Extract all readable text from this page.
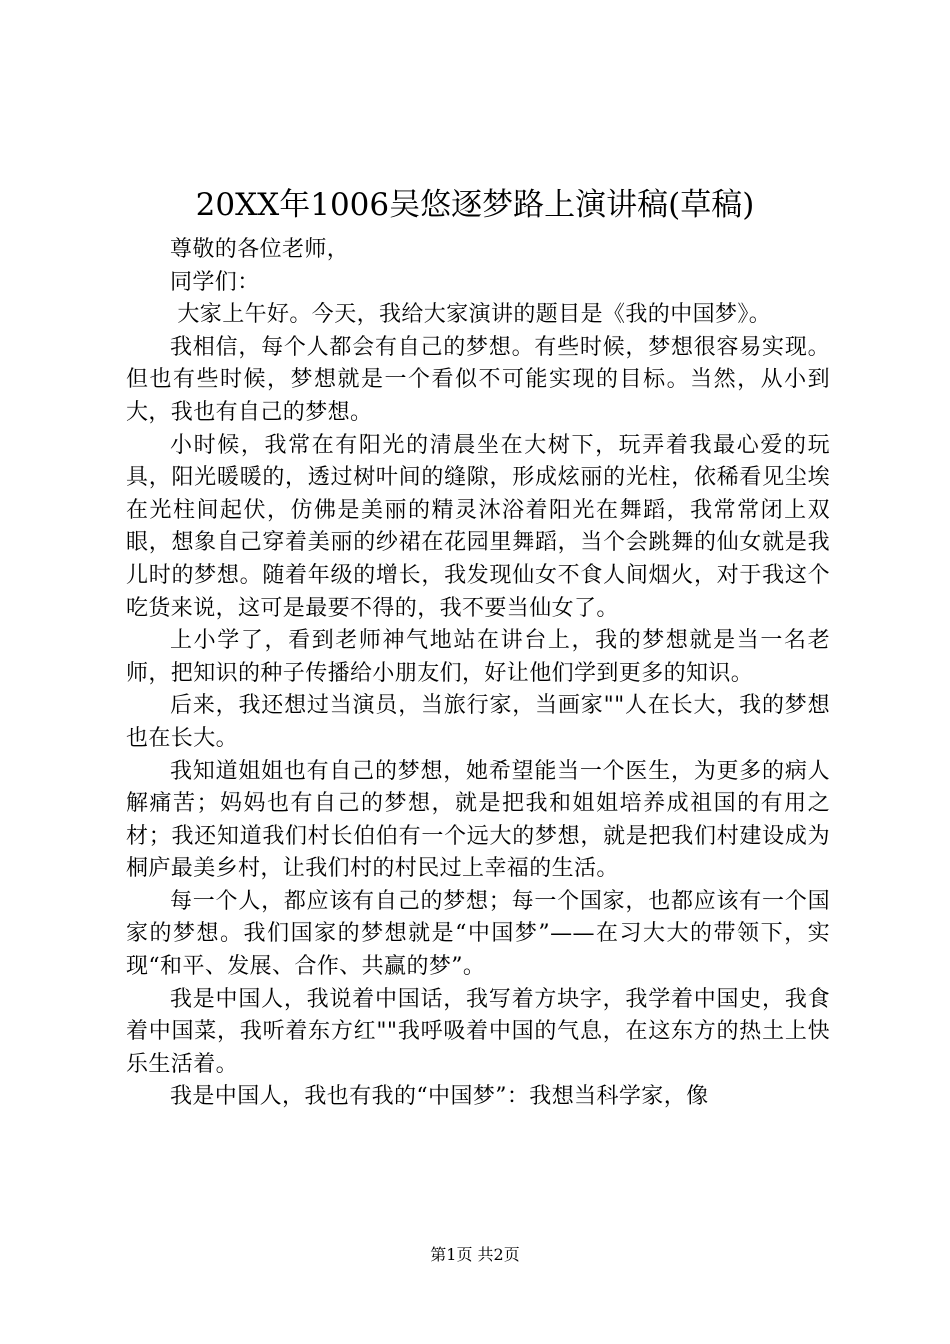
20XX年1006吴悠逐梦路上演讲稿(草稿)

尊敬的各位老师，

同学们：

大家上午好。今天，我给大家演讲的题目是《我的中国梦》。

我相信，每个人都会有自己的梦想。有些时候，梦想很容易实现。但也有些时候，梦想就是一个看似不可能实现的目标。当然，从小到大，我也有自己的梦想。

小时候，我常在有阳光的清晨坐在大树下，玩弄着我最心爱的玩具，阳光暖暖的，透过树叶间的缝隙，形成炫丽的光柱，依稀看见尘埃在光柱间起伏，仿佛是美丽的精灵沐浴着阳光在舞蹈，我常常闭上双眼，想象自己穿着美丽的纱裙在花园里舞蹈，当个会跳舞的仙女就是我儿时的梦想。随着年级的增长，我发现仙女不食人间烟火，对于我这个吃货来说，这可是最要不得的，我不要当仙女了。

上小学了，看到老师神气地站在讲台上，我的梦想就是当一名老师，把知识的种子传播给小朋友们，好让他们学到更多的知识。

后来，我还想过当演员，当旅行家，当画家""人在长大，我的梦想也在长大。

我知道姐姐也有自己的梦想，她希望能当一个医生，为更多的病人解痛苦；妈妈也有自己的梦想，就是把我和姐姐培养成祖国的有用之材；我还知道我们村长伯伯有一个远大的梦想，就是把我们村建设成为桐庐最美乡村，让我们村的村民过上幸福的生活。

每一个人，都应该有自己的梦想；每一个国家，也都应该有一个国家的梦想。我们国家的梦想就是“中国梦”——在习大大的带领下，实现“和平、发展、合作、共赢的梦”。

我是中国人，我说着中国话，我写着方块字，我学着中国史，我食着中国菜，我听着东方红""我呼吸着中国的气息，在这东方的热土上快乐生活着。

我是中国人，我也有我的“中国梦”：我想当科学家，像

第1页 共2页
